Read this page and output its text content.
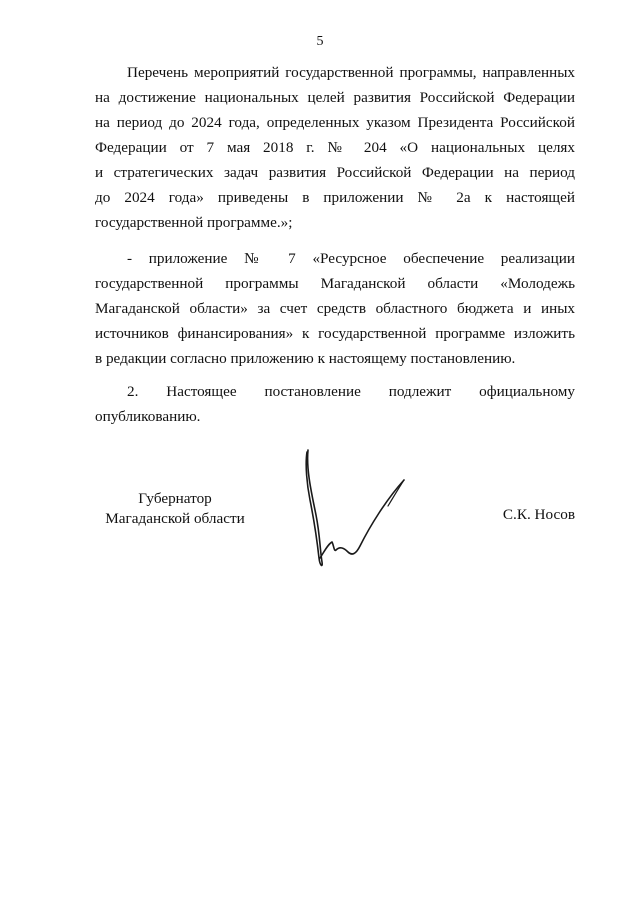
5
Перечень мероприятий государственной программы, направленных
на достижение национальных целей развития Российской Федерации
на период до 2024 года, определенных указом Президента Российской
Федерации от 7 мая 2018 г. № 204 «О национальных целях
и стратегических задач развития Российской Федерации на период
до 2024 года» приведены в приложении № 2а к настоящей
государственной программе.»;
- приложение № 7 «Ресурсное обеспечение реализации
государственной программы Магаданской области «Молодежь
Магаданской области» за счет средств областного бюджета и иных
источников финансирования» к государственной программе изложить
в редакции согласно приложению к настоящему постановлению.
2. Настоящее постановление подлежит официальному
опубликованию.
Губернатор
Магаданской области	С.К. Носов
